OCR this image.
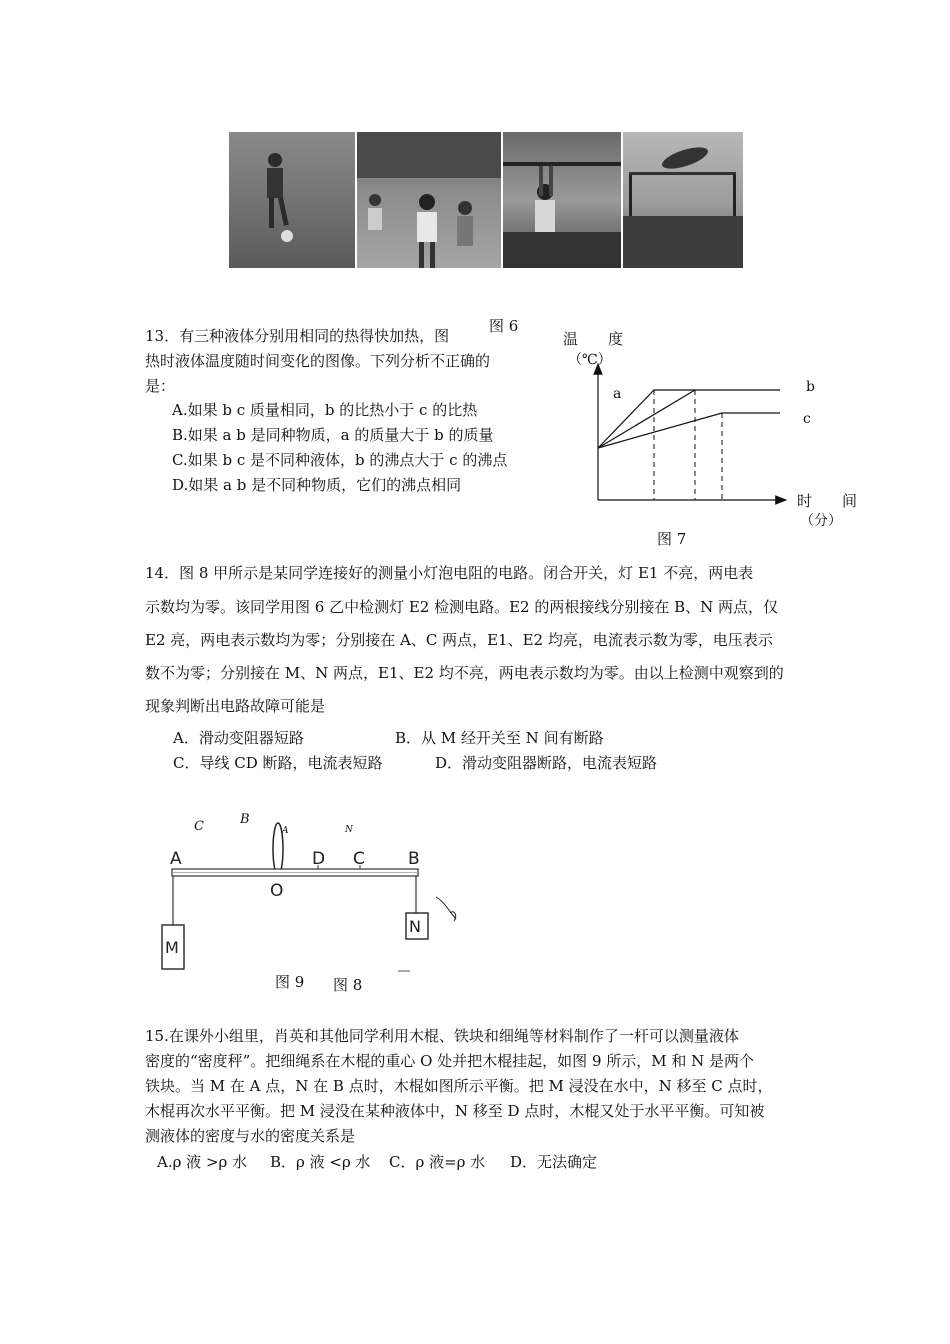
13．有三种液体分别用相同的热得快加热，图
图 6
热时液体温度随时间变化的图像。下列分析不正确的
是：
A.如果 b c 质量相同，b 的比热小于 c 的比热
B.如果 a b 是同种物质，a 的质量大于 b 的质量
C.如果 b c 是不同种液体，b 的沸点大于 c 的沸点
D.如果 a b 是不同种物质，它们的沸点相同
温　　度
（℃）
a	b
c
时　　间
（分）
图 7
14．图 8 甲所示是某同学连接好的测量小灯泡电阻的电路。闭合开关，灯 E1 不亮，两电表
示数均为零。该同学用图 6 乙中检测灯 E2 检测电路。E2 的两根接线分别接在 B、N 两点，仅
E2 亮，两电表示数均为零；分别接在 A、C 两点，E1、E2 均亮，电流表示数为零，电压表示
数不为零；分别接在 M、N 两点，E1、E2 均不亮，两电表示数均为零。由以上检测中观察到的
现象判断出电路故障可能是
A．滑动变阻器短路	B．从 M 经开关至 N 间有断路
C．导线 CD 断路，电流表短路	D．滑动变阻器断路，电流表短路
C	B
A	N
A
O
D C	B
M
N
图 9 图 8
15.在课外小组里，肖英和其他同学利用木棍、铁块和细绳等材料制作了一杆可以测量液体
密度的“密度秤”。把细绳系在木棍的重心 O 处并把木棍挂起，如图 9 所示，M 和 N 是两个
铁块。当 M 在 A 点，N 在 B 点时，木棍如图所示平衡。把 M 浸没在水中，N 移至 C 点时，
木棍再次水平平衡。把 M 浸没在某种液体中，N 移至 D 点时，木棍又处于水平平衡。可知被
测液体的密度与水的密度关系是
A.ρ 液 >ρ 水 B．ρ 液 <ρ 水 C．ρ 液=ρ 水 D．无法确定
